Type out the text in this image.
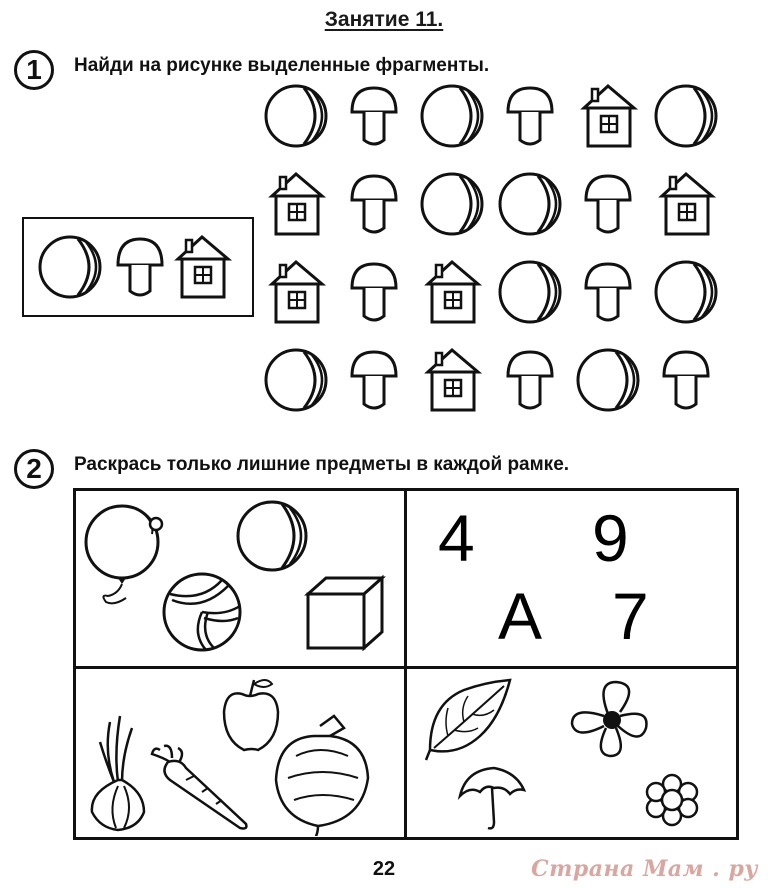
Занятие 11.
1	Найди на рисунке выделенные фрагменты.
2	Раскрась только лишние предметы в каждой рамке.
4 9
А 7
22	Страна Мам . ру
